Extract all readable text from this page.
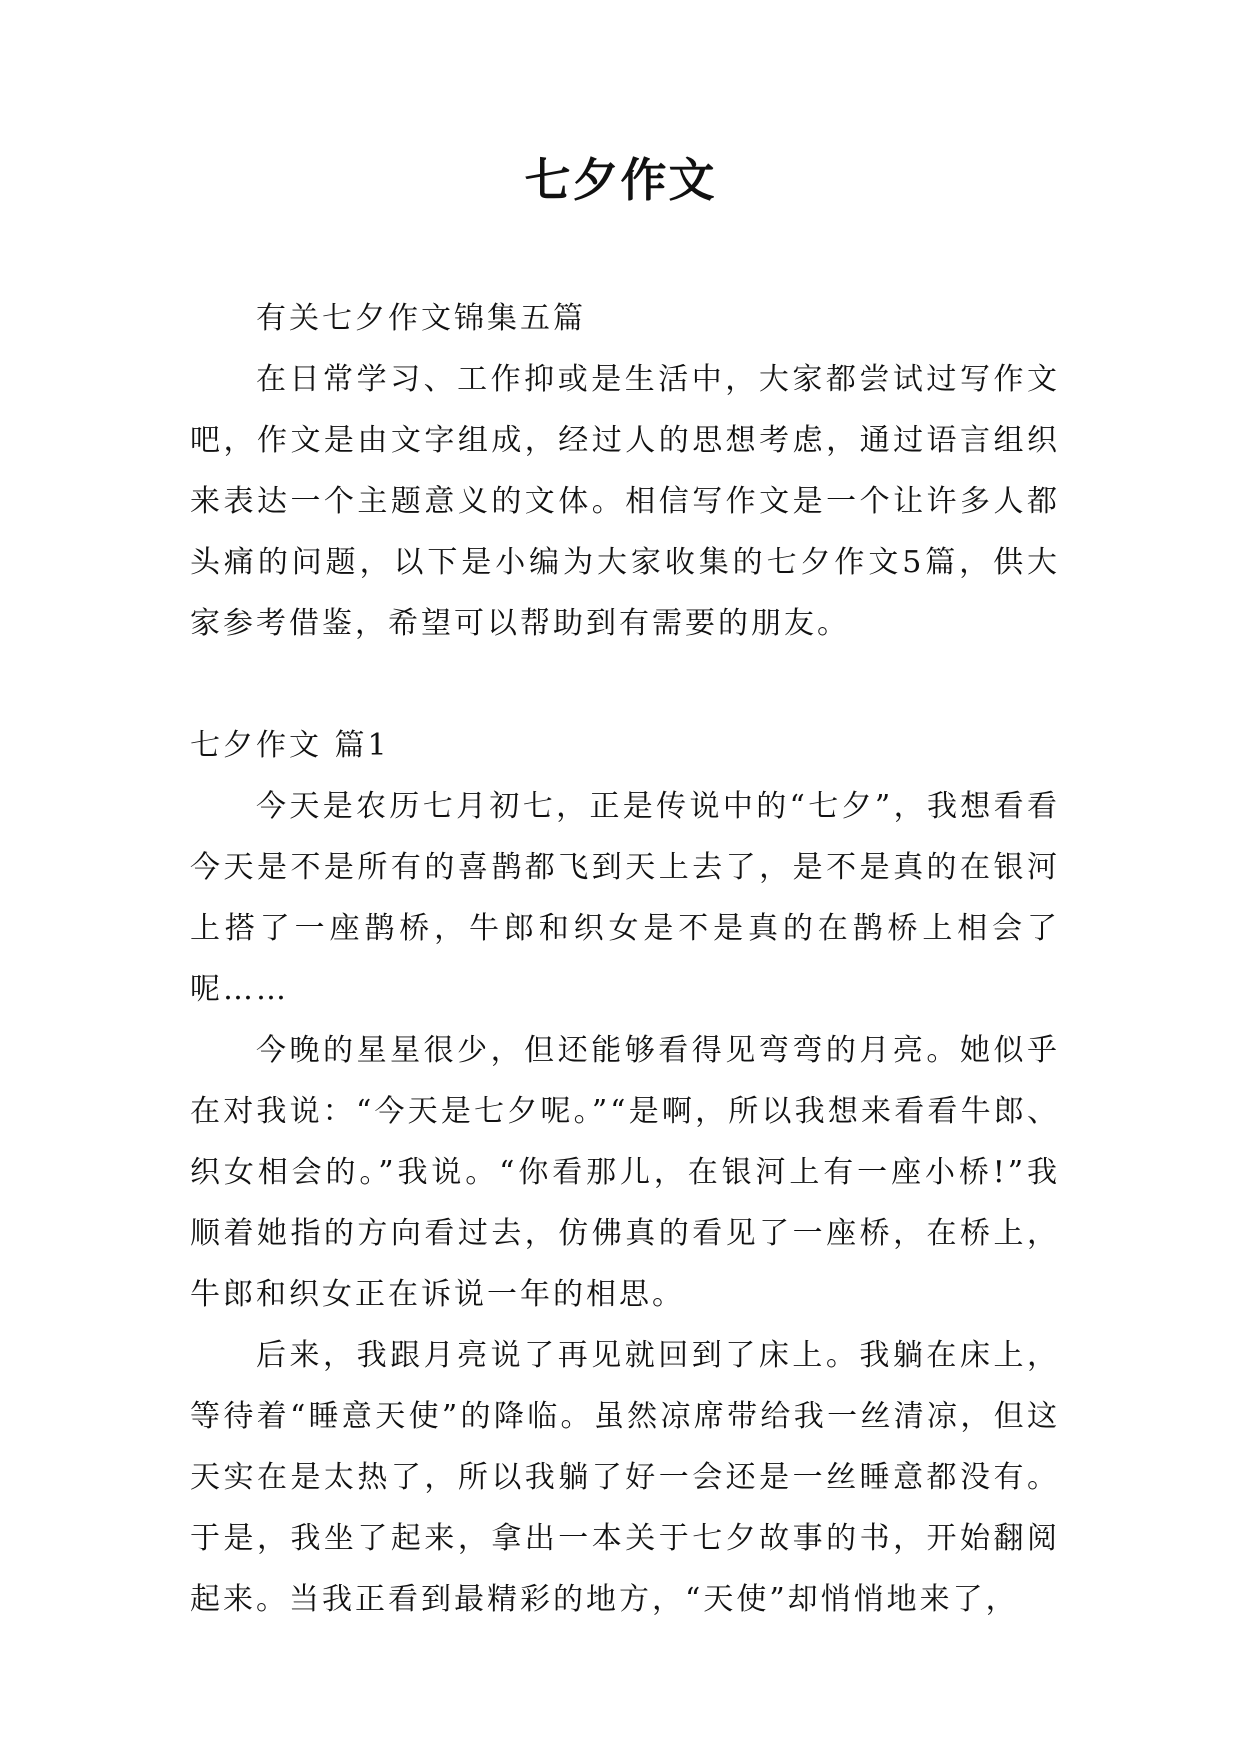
七夕作文

有关七夕作文锦集五篇

在日常学习、工作抑或是生活中，大家都尝试过写作文吧，作文是由文字组成，经过人的思想考虑，通过语言组织来表达一个主题意义的文体。相信写作文是一个让许多人都头痛的问题，以下是小编为大家收集的七夕作文5篇，供大家参考借鉴，希望可以帮助到有需要的朋友。

七夕作文 篇1

今天是农历七月初七，正是传说中的“七夕”，我想看看今天是不是所有的喜鹊都飞到天上去了，是不是真的在银河上搭了一座鹊桥，牛郎和织女是不是真的在鹊桥上相会了呢……

今晚的星星很少，但还能够看得见弯弯的月亮。她似乎在对我说：“今天是七夕呢。”“是啊，所以我想来看看牛郎、织女相会的。”我说。“你看那儿，在银河上有一座小桥!”我顺着她指的方向看过去，仿佛真的看见了一座桥，在桥上，牛郎和织女正在诉说一年的相思。

后来，我跟月亮说了再见就回到了床上。我躺在床上，等待着“睡意天使”的降临。虽然凉席带给我一丝清凉，但这天实在是太热了，所以我躺了好一会还是一丝睡意都没有。于是，我坐了起来，拿出一本关于七夕故事的书，开始翻阅起来。当我正看到最精彩的地方，“天使”却悄悄地来了，
